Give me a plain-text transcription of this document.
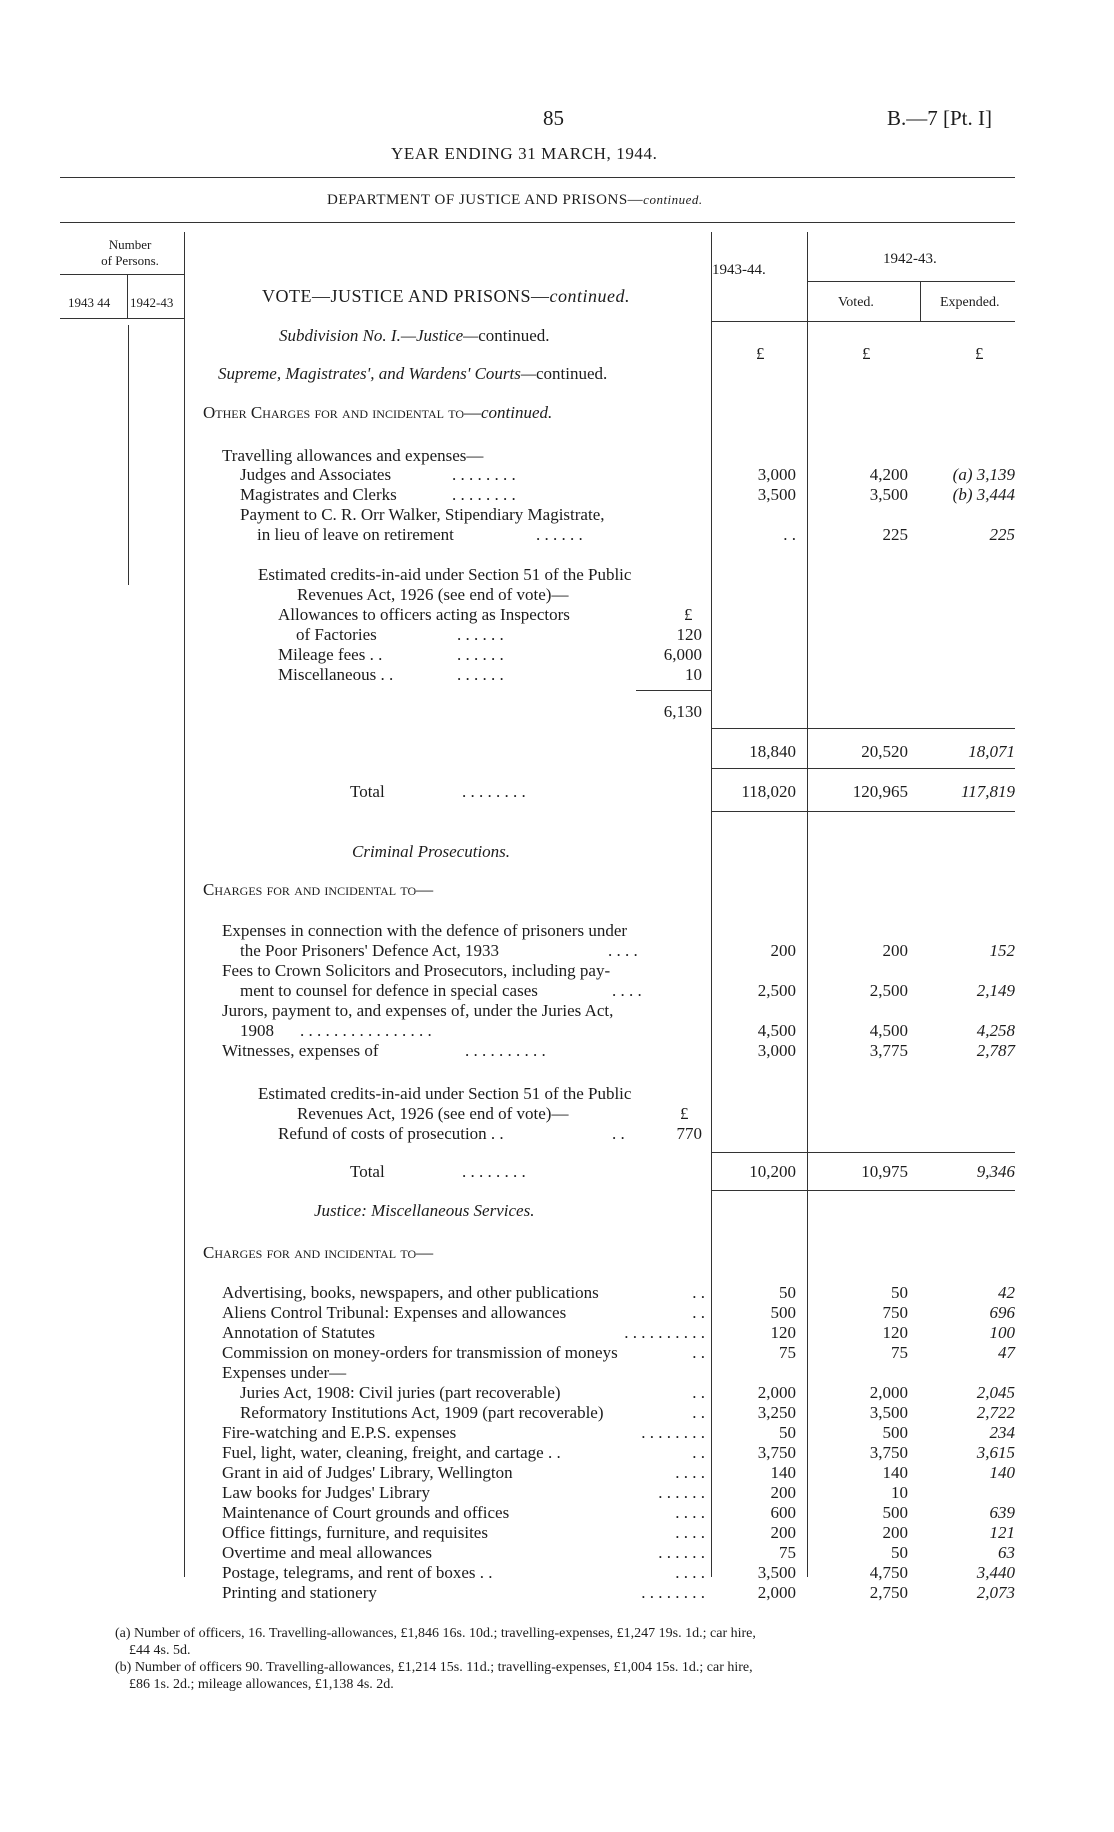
85	B.—7 [Pt. I]
YEAR ENDING 31 MARCH, 1944.
DEPARTMENT OF JUSTICE AND PRISONS—continued.
Number
of Persons.
1943 44 1942-43
1943-44.
1942-43.
Voted.	Expended.
£	£	£
VOTE—JUSTICE AND PRISONS—continued.
Subdivision No. I.—Justice—continued.
Supreme, Magistrates', and Wardens' Courts—continued.
Other Charges for and incidental to—continued.
Travelling allowances and expenses—
Judges and Associates	. . . . . . . .	3,000	4,200	(a) 3,139
Magistrates and Clerks	. . . . . . . .	3,500	3,500	(b) 3,444
Payment to C. R. Orr Walker, Stipendiary Magistrate,
in lieu of leave on retirement	. . . . . .	. .	225	225
Estimated credits-in-aid under Section 51 of the Public
Revenues Act, 1926 (see end of vote)—
£
Allowances to officers acting as Inspectors
of Factories	. . . . . .	120
Mileage fees . .	. . . . . .	6,000
Miscellaneous . .	. . . . . .	10
6,130
18,840	20,520	18,071
Total	. . . . . . . .	118,020	120,965	117,819
Criminal Prosecutions.
Charges for and incidental to—
Expenses in connection with the defence of prisoners under
the Poor Prisoners' Defence Act, 1933	. . . .	200	200	152
Fees to Crown Solicitors and Prosecutors, including pay-
ment to counsel for defence in special cases	. . . .	2,500	2,500	2,149
Jurors, payment to, and expenses of, under the Juries Act,
1908 . . . . . . . . . . . . . . . .	4,500	4,500	4,258
Witnesses, expenses of	. . . . . . . . . .	3,000	3,775	2,787
Estimated credits-in-aid under Section 51 of the Public
Revenues Act, 1926 (see end of vote)—	£
Refund of costs of prosecution . .	. .	770
Total	. . . . . . . .	10,200	10,975	9,346
Justice: Miscellaneous Services.
Charges for and incidental to—
Advertising, books, newspapers, and other publications	. .	50	50	42
Aliens Control Tribunal: Expenses and allowances	. .	500	750	696
Annotation of Statutes	. . . . . . . . . .	120	120	100
Commission on money-orders for transmission of moneys	. .	75	75	47
Expenses under—
Juries Act, 1908: Civil juries (part recoverable)	. .	2,000	2,000	2,045
Reformatory Institutions Act, 1909 (part recoverable)	. .	3,250	3,500	2,722
Fire-watching and E.P.S. expenses	. . . . . . . .	50	500	234
Fuel, light, water, cleaning, freight, and cartage . .	. .	3,750	3,750	3,615
Grant in aid of Judges' Library, Wellington	. . . .	140	140	140
Law books for Judges' Library	. . . . . .	200	10
Maintenance of Court grounds and offices	. . . .	600	500	639
Office fittings, furniture, and requisites	. . . .	200	200	121
Overtime and meal allowances	. . . . . .	75	50	63
Postage, telegrams, and rent of boxes . .	. . . .	3,500	4,750	3,440
Printing and stationery	. . . . . . . .	2,000	2,750	2,073
(a) Number of officers, 16. Travelling-allowances, £1,846 16s. 10d.; travelling-expenses, £1,247 19s. 1d.; car hire,
£44 4s. 5d.
(b) Number of officers 90. Travelling-allowances, £1,214 15s. 11d.; travelling-expenses, £1,004 15s. 1d.; car hire,
£86 1s. 2d.; mileage allowances, £1,138 4s. 2d.
